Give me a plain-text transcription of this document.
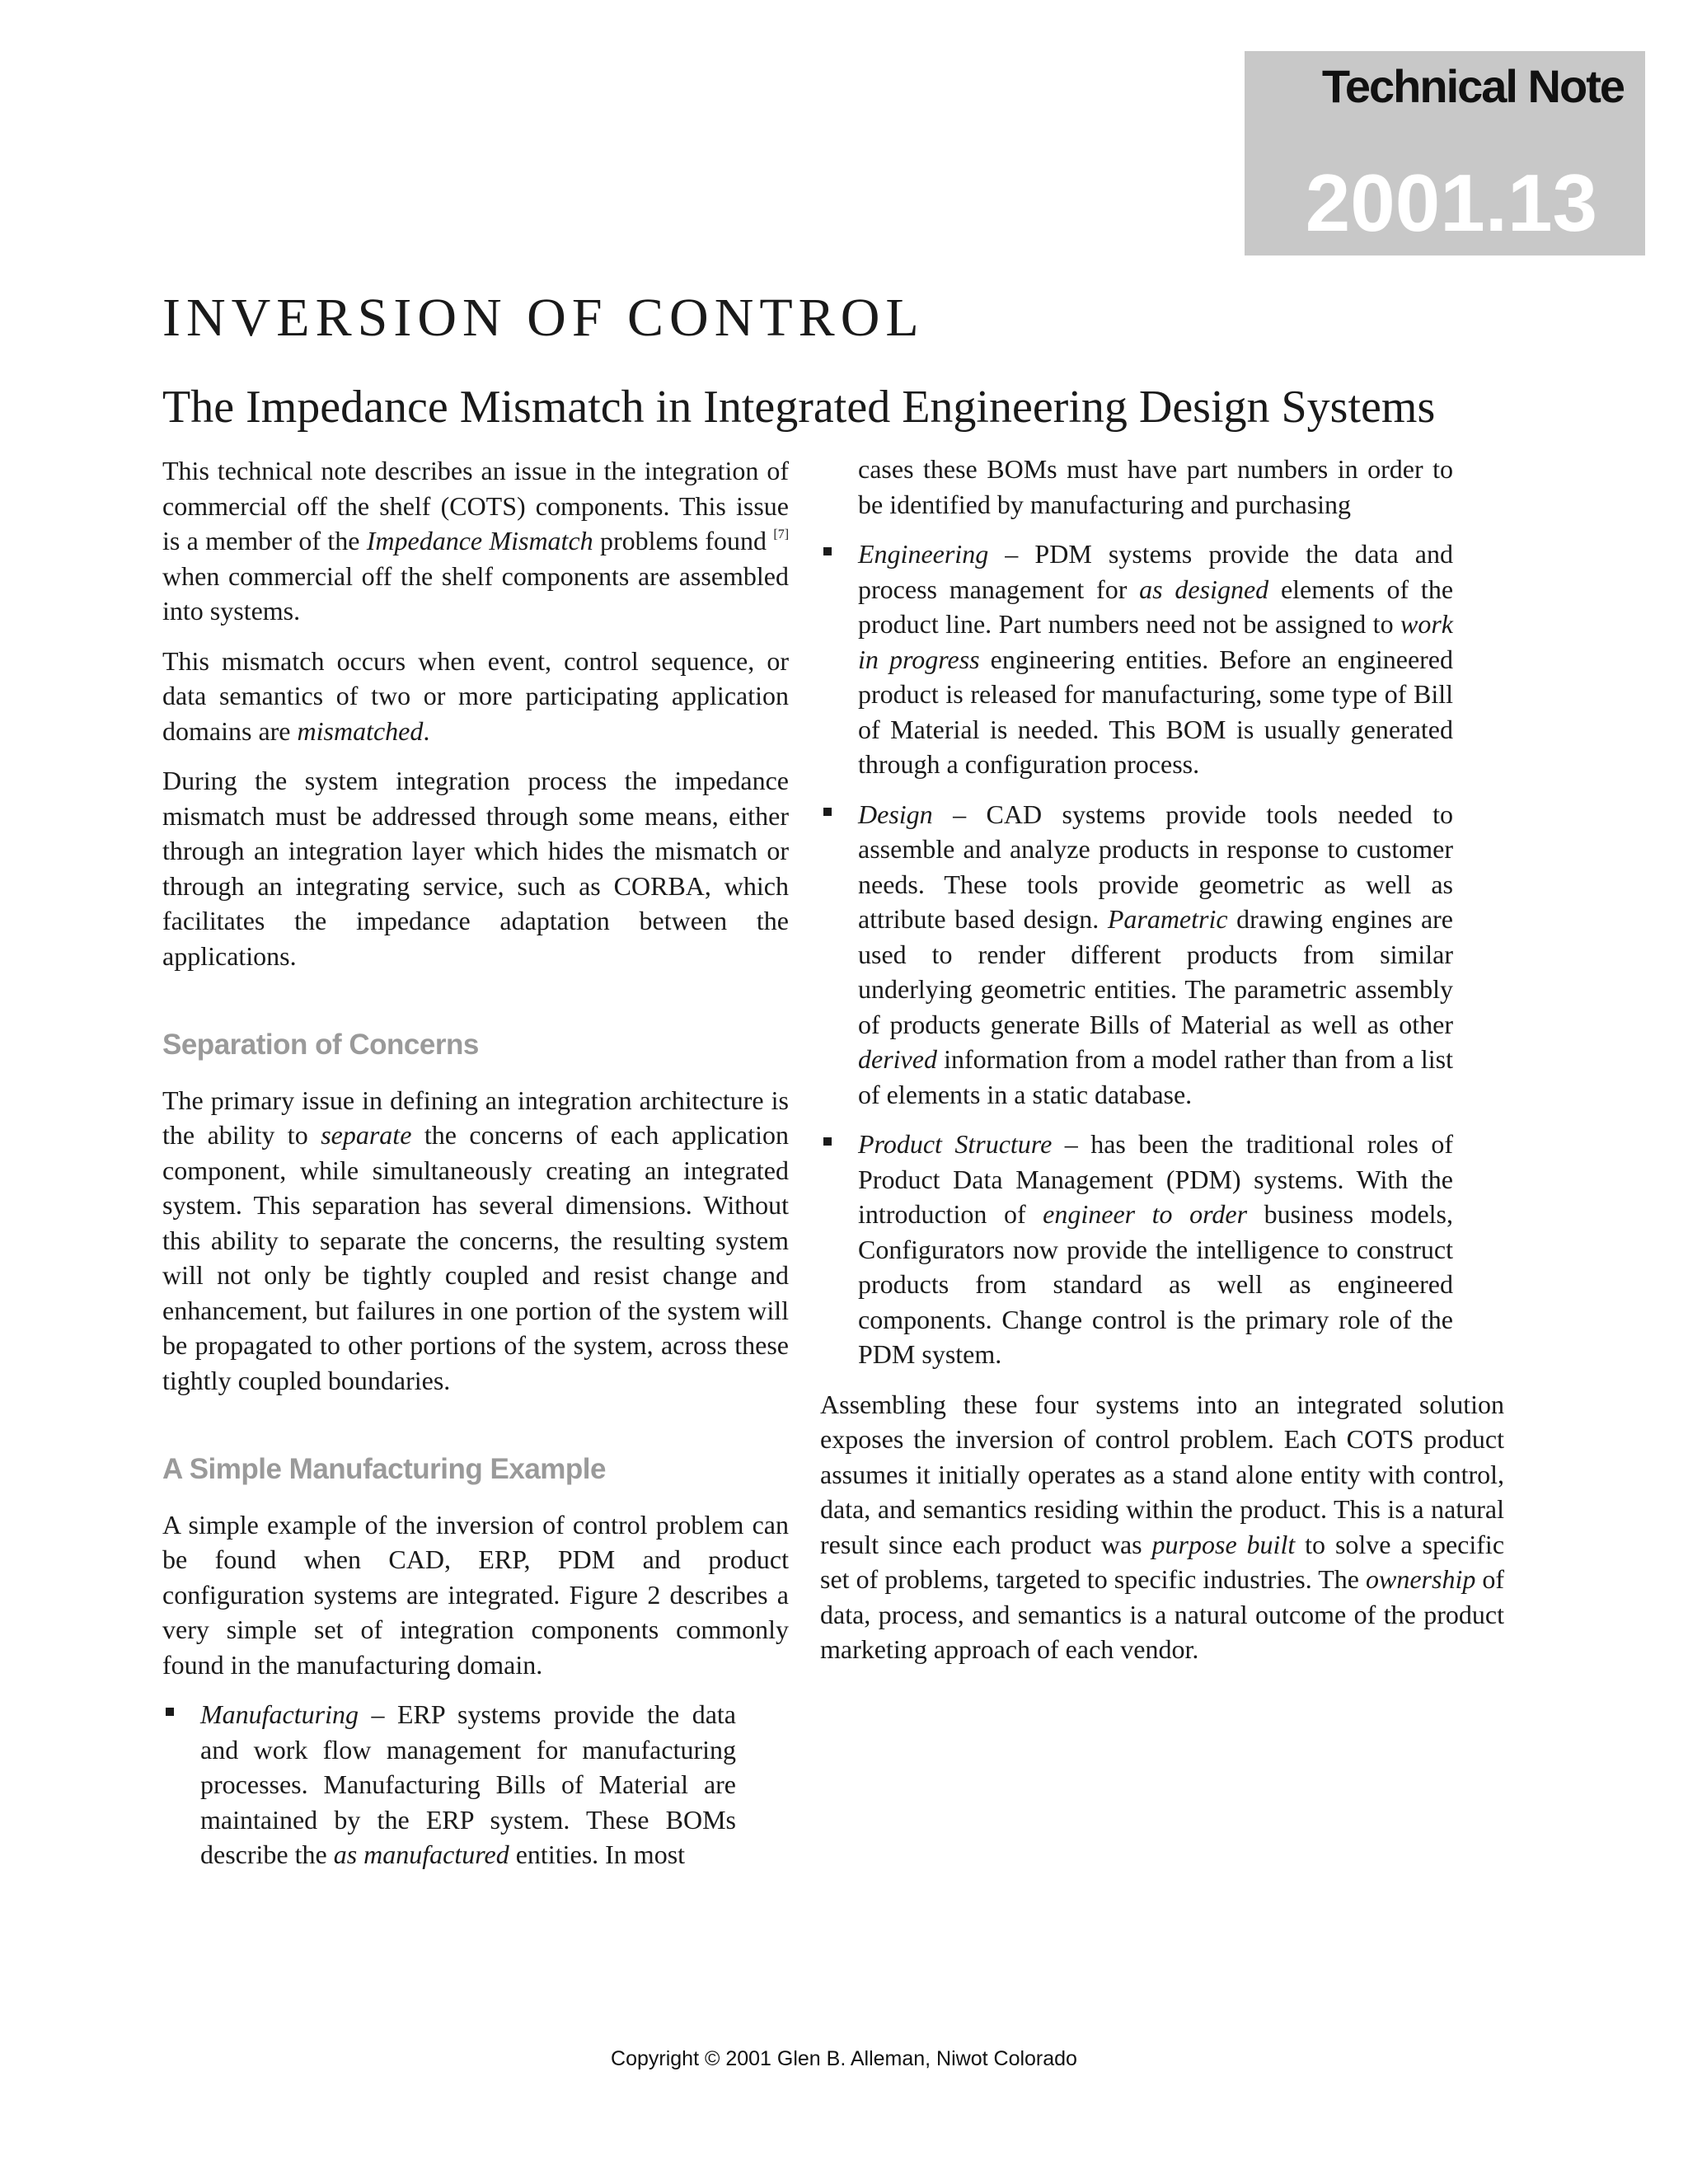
Technical Note
2001.13
INVERSION OF CONTROL
The Impedance Mismatch in Integrated Engineering Design Systems

This technical note describes an issue in the integration of commercial off the shelf (COTS) components. This issue is a member of the Impedance Mismatch problems found [7] when commercial off the shelf components are assembled into systems.

This mismatch occurs when event, control sequence, or data semantics of two or more participating application domains are mismatched.

During the system integration process the impedance mismatch must be addressed through some means, either through an integration layer which hides the mismatch or through an integrating service, such as CORBA, which facilitates the impedance adaptation between the applications.

Separation of Concerns

The primary issue in defining an integration architecture is the ability to separate the concerns of each application component, while simultaneously creating an integrated system. This separation has several dimensions. Without this ability to separate the concerns, the resulting system will not only be tightly coupled and resist change and enhancement, but failures in one portion of the system will be propagated to other portions of the system, across these tightly coupled boundaries.

A Simple Manufacturing Example

A simple example of the inversion of control problem can be found when CAD, ERP, PDM and product configuration systems are integrated. Figure 2 describes a very simple set of integration components commonly found in the manufacturing domain.

Manufacturing – ERP systems provide the data and work flow management for manufacturing processes. Manufacturing Bills of Material are maintained by the ERP system. These BOMs describe the as manufactured entities. In most

cases these BOMs must have part numbers in order to be identified by manufacturing and purchasing

Engineering – PDM systems provide the data and process management for as designed elements of the product line. Part numbers need not be assigned to work in progress engineering entities. Before an engineered product is released for manufacturing, some type of Bill of Material is needed. This BOM is usually generated through a configuration process.
Design – CAD systems provide tools needed to assemble and analyze products in response to customer needs. These tools provide geometric as well as attribute based design. Parametric drawing engines are used to render different products from similar underlying geometric entities. The parametric assembly of products generate Bills of Material as well as other derived information from a model rather than from a list of elements in a static database.
Product Structure – has been the traditional roles of Product Data Management (PDM) systems. With the introduction of engineer to order business models, Configurators now provide the intelligence to construct products from standard as well as engineered components. Change control is the primary role of the PDM system.

Assembling these four systems into an integrated solution exposes the inversion of control problem. Each COTS product assumes it initially operates as a stand alone entity with control, data, and semantics residing within the product. This is a natural result since each product was purpose built to solve a specific set of problems, targeted to specific industries. The ownership of data, process, and semantics is a natural outcome of the product marketing approach of each vendor.

Copyright © 2001 Glen B. Alleman, Niwot Colorado
